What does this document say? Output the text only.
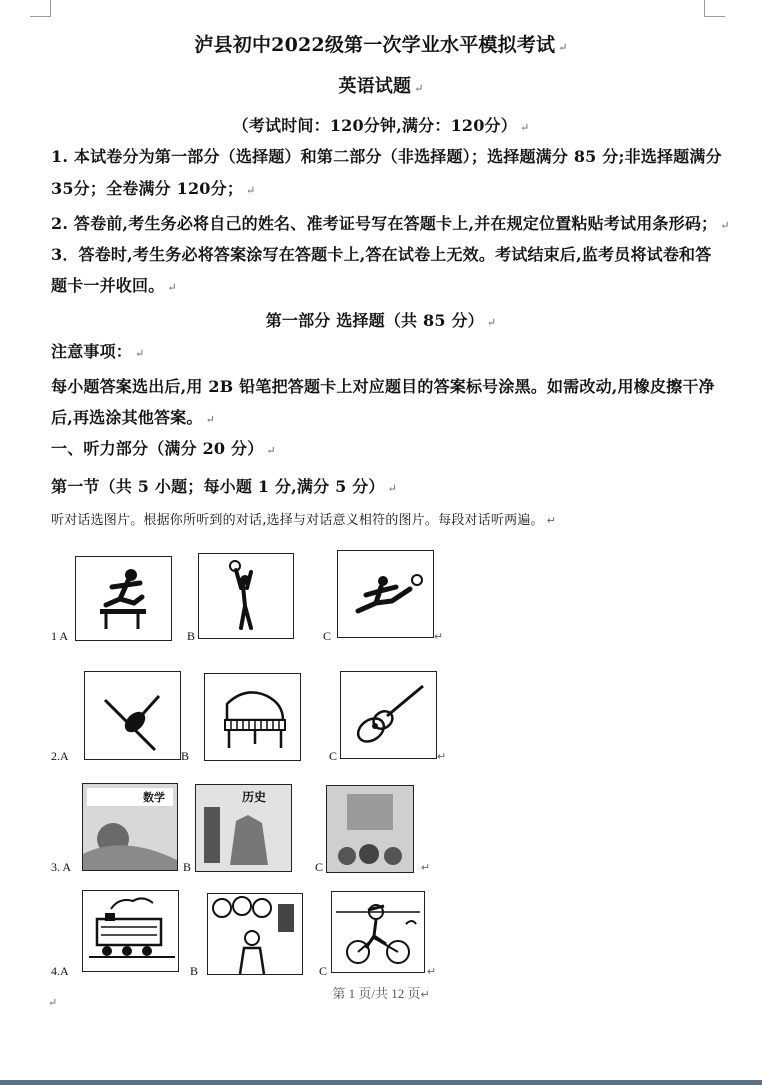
泸县初中2022级第一次学业水平模拟考试 ↵
英语试题 ↵
（考试时间：120分钟,满分：120分） ↵
1. 本试卷分为第一部分（选择题）和第二部分（非选择题）；选择题满分 85 分;非选择题满分
35分；全卷满分 120分； ↵
2. 答卷前,考生务必将自己的姓名、准考证号写在答题卡上,并在规定位置粘贴考试用条形码； ↵
3．答卷时,考生务必将答案涂写在答题卡上,答在试卷上无效。考试结束后,监考员将试卷和答
题卡一并收回。 ↵
第一部分 选择题（共 85 分） ↵
注意事项： ↵
每小题答案选出后,用 2B 铅笔把答题卡上对应题目的答案标号涂黑。如需改动,用橡皮擦干净
后,再选涂其他答案。 ↵
一、听力部分（满分 20 分） ↵
第一节（共 5 小题；每小题 1 分,满分 5 分） ↵
听对话选图片。根据你所听到的对话,选择与对话意义相符的图片。每段对话听两遍。 ↵
1 A	B	C	↵
2.A	B	C	↵
数学	历史
3. A	B	C	↵
4.A	B	C	↵
第 1 页/共 12 页↵
↵
